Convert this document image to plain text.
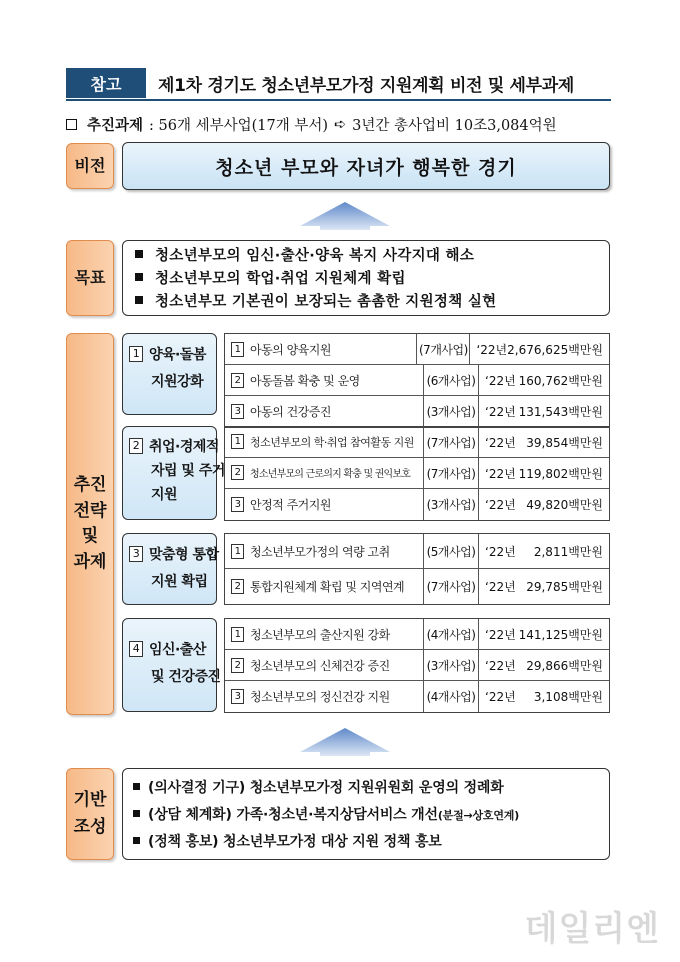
참고	제1차 경기도 청소년부모가정 지원계획 비전 및 세부과제
추진과제 : 56개 세부사업(17개 부서) ➪ 3년간 총사업비 10조3,084억원
비전	청소년 부모와 자녀가 행복한 경기
목표
청소년부모의 임신·출산·양육 복지 사각지대 해소
청소년부모의 학업·취업 지원체계 확립
청소년부모 기본권이 보장되는 촘촘한 지원정책 실현
추진
전략
및
과제
1 양육·돌봄
지원강화
1 아동의 양육지원	(7개사업) ‘22년 2,676,625백만원
2 아동돌봄 확충 및 운영	(6개사업) ‘22년 160,762백만원
3 아동의 건강증진	(3개사업) ‘22년 131,543백만원
2 취업·경제적
자립 및 주거
지원
1 청소년부모의 학·취업 참여활동 지원	(7개사업) ‘22년 39,854백만원
2 청소년부모의 근로의지 확충 및 권익보호	(7개사업) ‘22년 119,802백만원
3 안정적 주거지원	(3개사업) ‘22년 49,820백만원
3 맞춤형 통합
지원 확립
1 청소년부모가정의 역량 고취	(5개사업) ‘22년 2,811백만원
2 통합지원체계 확립 및 지역연계	(7개사업) ‘22년 29,785백만원
4 임신·출산
및 건강증진
1 청소년부모의 출산지원 강화	(4개사업) ‘22년 141,125백만원
2 청소년부모의 신체건강 증진	(3개사업) ‘22년 29,866백만원
3 청소년부모의 정신건강 지원	(4개사업) ‘22년 3,108백만원
기반
조성
(의사결정 기구) 청소년부모가정 지원위원회 운영의 정례화
(상담 체계화) 가족·청소년·복지상담서비스 개선(분절→상호연계)
(정책 홍보) 청소년부모가정 대상 지원 정책 홍보
데일리엔
